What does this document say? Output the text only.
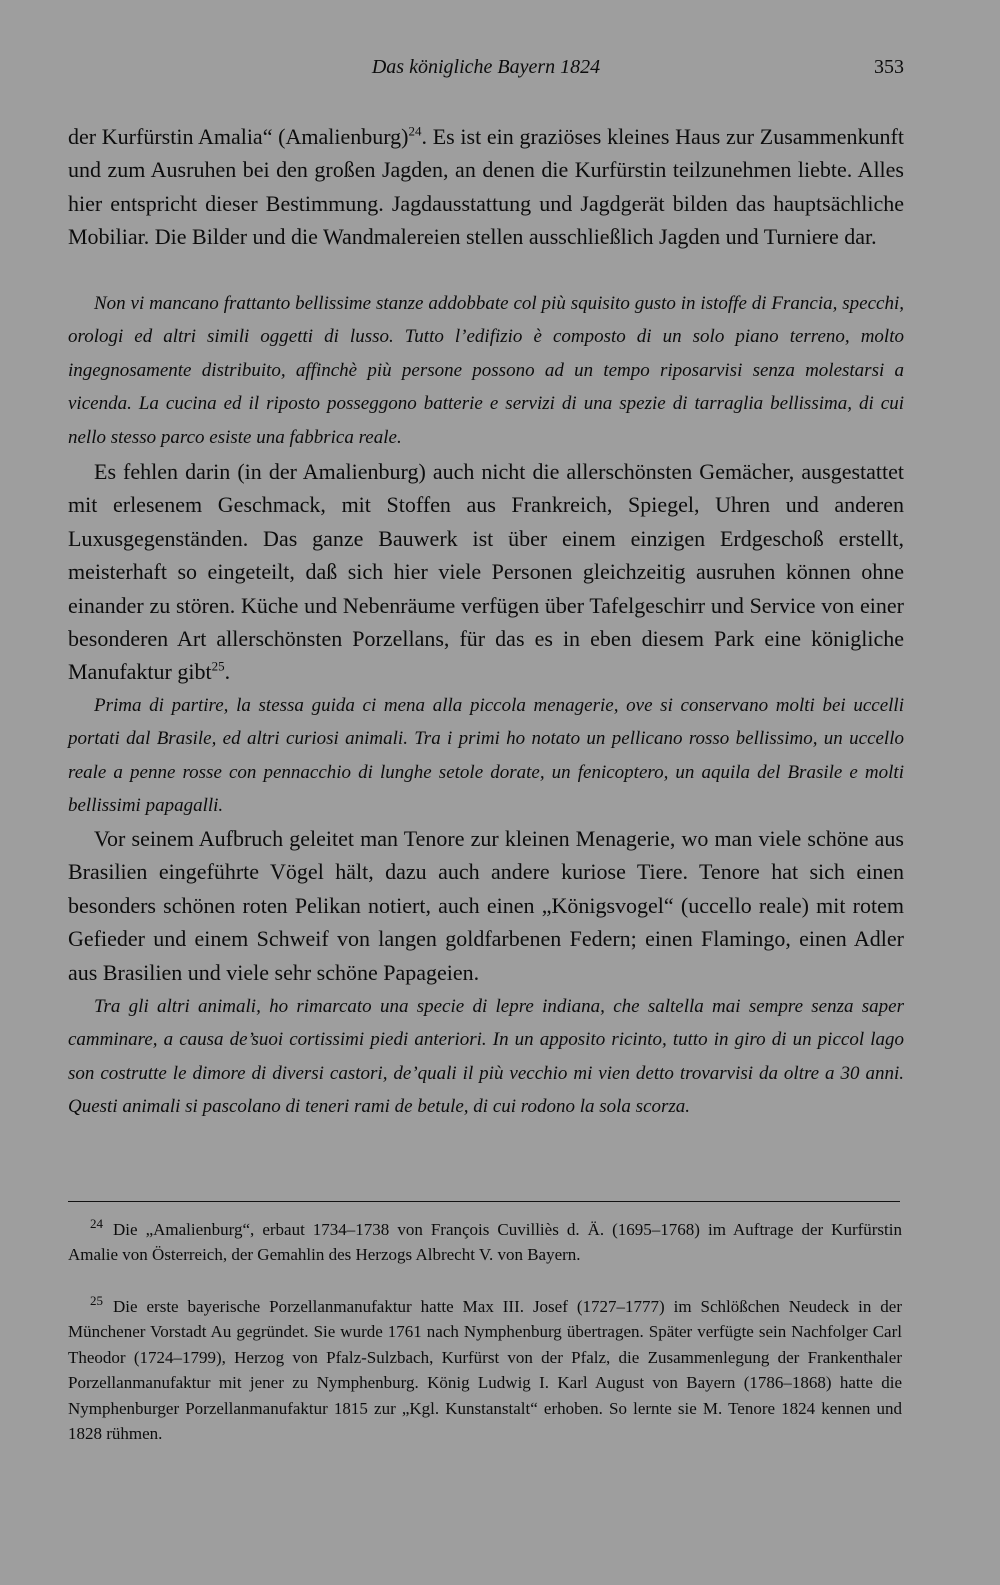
Das königliche Bayern 1824	353

der Kurfürstin Amalia“ (Amalienburg)$^{24}$. Es ist ein graziöses kleines Haus zur Zusammenkunft und zum Ausruhen bei den großen Jagden, an denen die Kurfürstin teilzunehmen liebte. Alles hier entspricht dieser Bestimmung. Jagdausstattung und Jagdgerät bilden das hauptsächliche Mobiliar. Die Bilder und die Wandmalereien stellen ausschließlich Jagden und Turniere dar.

Non vi mancano frattanto bellissime stanze addobbate col più squisito gusto in istoffe di Francia, specchi, orologi ed altri simili oggetti di lusso. Tutto l’edifizio è composto di un solo piano terreno, molto ingegnosamente distribuito, affinchè più persone possono ad un tempo riposarvisi senza molestarsi a vicenda. La cucina ed il riposto posseggono batterie e servizi di una spezie di tarraglia bellissima, di cui nello stesso parco esiste una fabbrica reale.

Es fehlen darin (in der Amalienburg) auch nicht die allerschönsten Gemächer, ausgestattet mit erlesenem Geschmack, mit Stoffen aus Frankreich, Spiegel, Uhren und anderen Luxusgegenständen. Das ganze Bauwerk ist über einem einzigen Erdgeschoß erstellt, meisterhaft so eingeteilt, daß sich hier viele Personen gleichzeitig ausruhen können ohne einander zu stören. Küche und Nebenräume verfügen über Tafelgeschirr und Service von einer besonderen Art allerschönsten Porzellans, für das es in eben diesem Park eine königliche Manufaktur gibt$^{25}$.

Prima di partire, la stessa guida ci mena alla piccola menagerie, ove si conservano molti bei uccelli portati dal Brasile, ed altri curiosi animali. Tra i primi ho notato un pellicano rosso bellissimo, un uccello reale a penne rosse con pennacchio di lunghe setole dorate, un fenicoptero, un aquila del Brasile e molti bellissimi papagalli.

Vor seinem Aufbruch geleitet man Tenore zur kleinen Menagerie, wo man viele schöne aus Brasilien eingeführte Vögel hält, dazu auch andere kuriose Tiere. Tenore hat sich einen besonders schönen roten Pelikan notiert, auch einen „Königsvogel“ (uccello reale) mit rotem Gefieder und einem Schweif von langen goldfarbenen Federn; einen Flamingo, einen Adler aus Brasilien und viele sehr schöne Papageien.

Tra gli altri animali, ho rimarcato una specie di lepre indiana, che saltella mai sempre senza saper camminare, a causa de’suoi cortissimi piedi anteriori. In un apposito ricinto, tutto in giro di un piccol lago son costrutte le dimore di diversi castori, de’quali il più vecchio mi vien detto trovarvisi da oltre a 30 anni. Questi animali si pascolano di teneri rami de betule, di cui rodono la sola scorza.

$^{24}$ Die „Amalienburg“, erbaut 1734–1738 von François Cuvilliès d. Ä. (1695–1768) im Auftrage der Kurfürstin Amalie von Österreich, der Gemahlin des Herzogs Albrecht V. von Bayern.

$^{25}$ Die erste bayerische Porzellanmanufaktur hatte Max III. Josef (1727–1777) im Schlößchen Neudeck in der Münchener Vorstadt Au gegründet. Sie wurde 1761 nach Nymphenburg übertragen. Später verfügte sein Nachfolger Carl Theodor (1724–1799), Herzog von Pfalz-Sulzbach, Kurfürst von der Pfalz, die Zusammenlegung der Frankenthaler Porzellanmanufaktur mit jener zu Nymphenburg. König Ludwig I. Karl August von Bayern (1786–1868) hatte die Nymphenburger Porzellanmanufaktur 1815 zur „Kgl. Kunstanstalt“ erhoben. So lernte sie M. Tenore 1824 kennen und 1828 rühmen.
